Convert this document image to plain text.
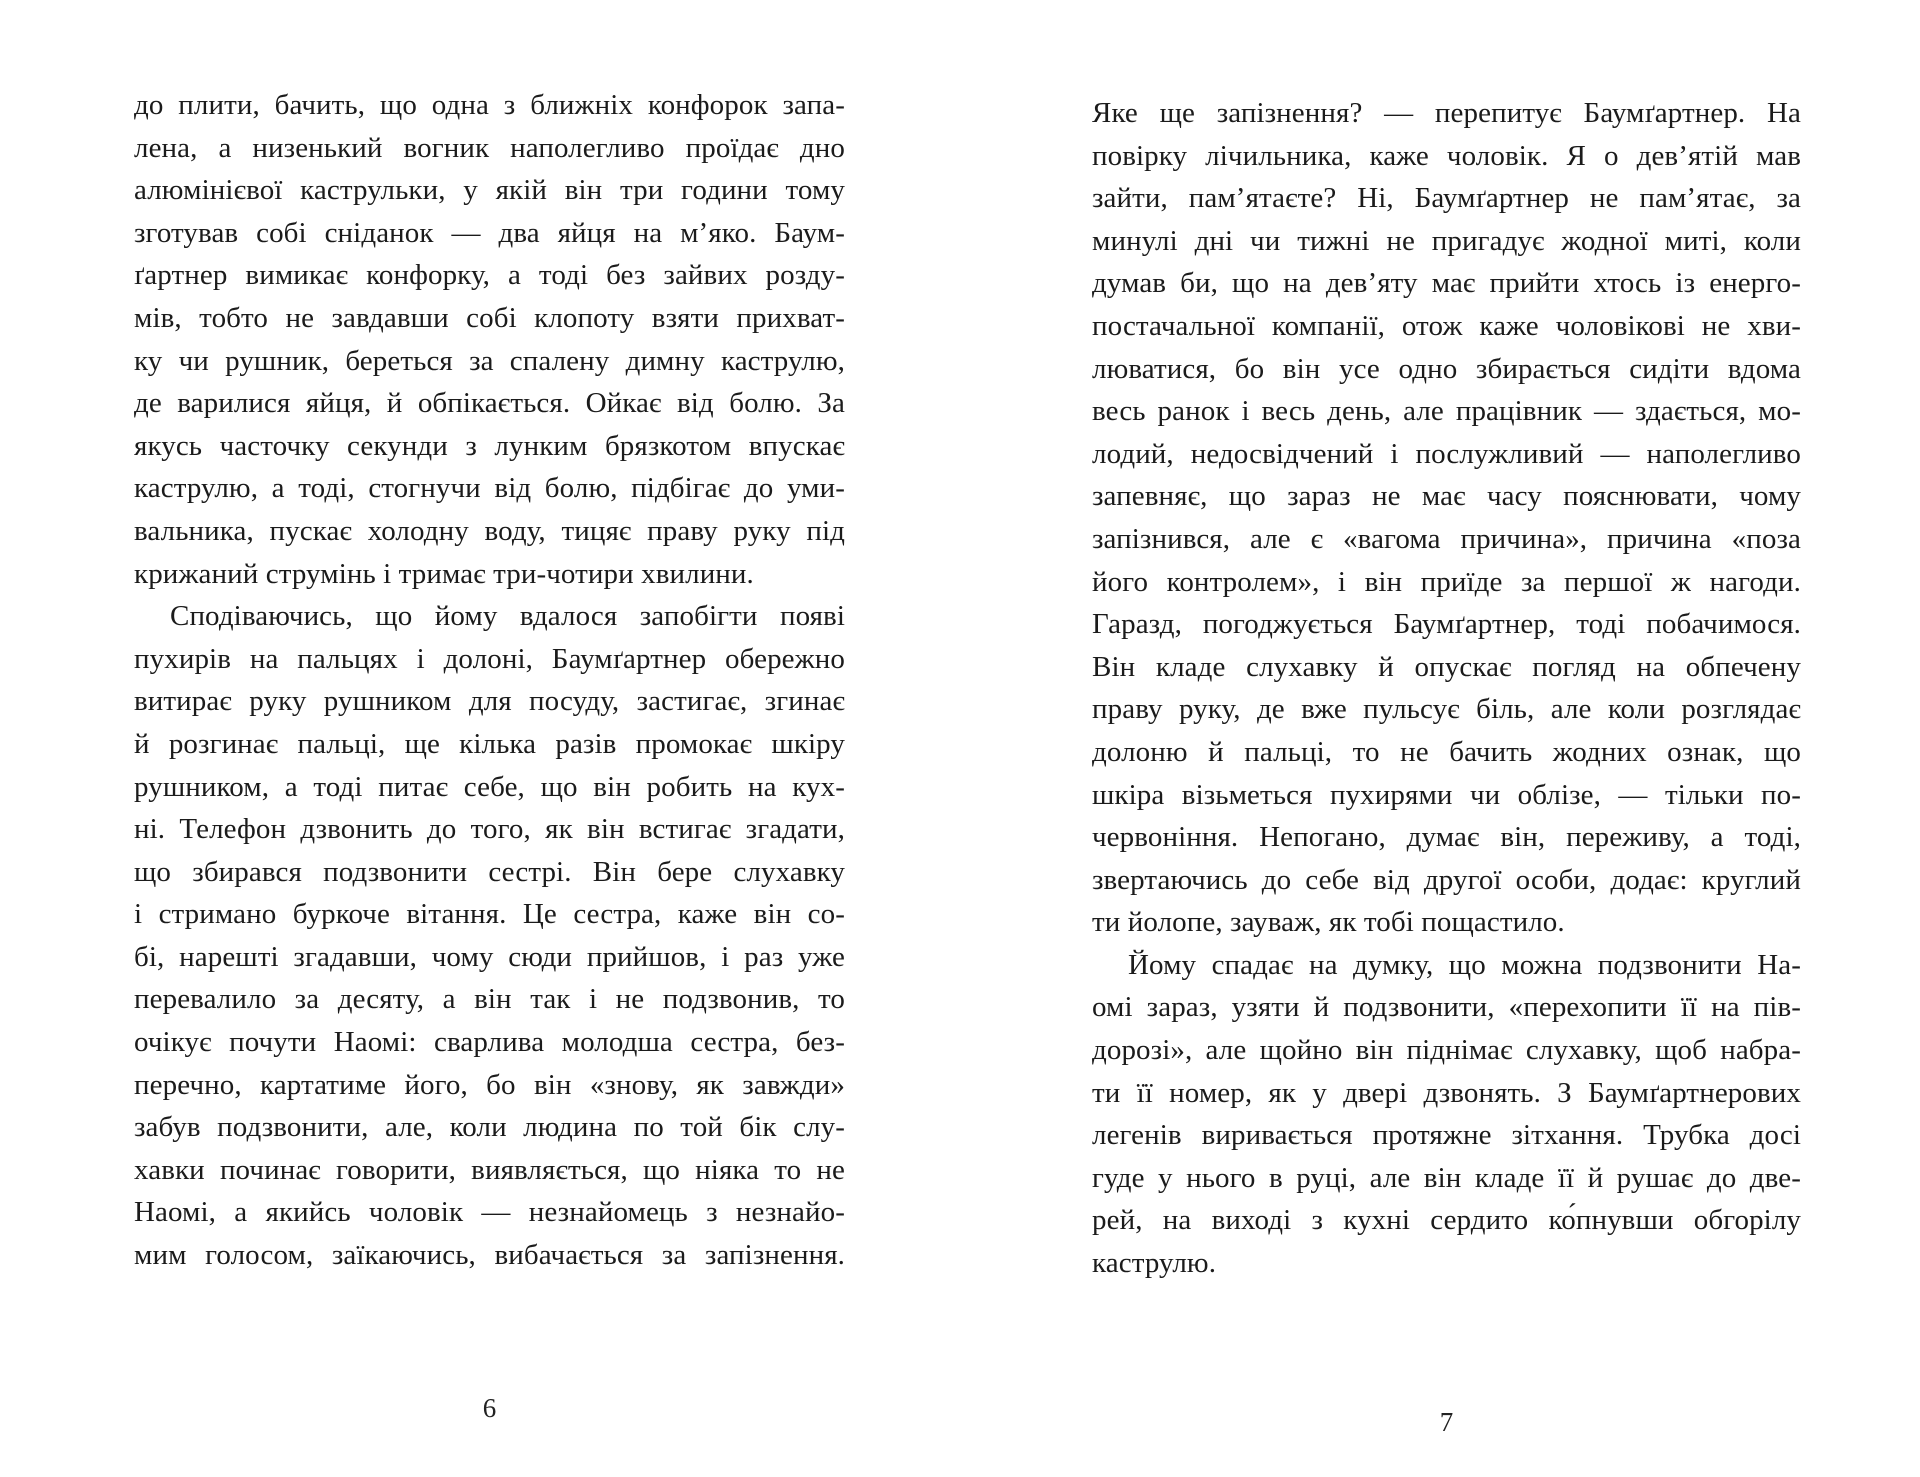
до плити, бачить, що одна з ближніх конфорок запа-
лена, а низенький вогник наполегливо проїдає дно
алюмінієвої каструльки, у якій він три години тому
зготував собі сніданок — два яйця на м’яко. Баум-
ґартнер вимикає конфорку, а тоді без зайвих розду-
мів, тобто не завдавши собі клопоту взяти прихват-
ку чи рушник, береться за спалену димну каструлю,
де варилися яйця, й обпікається. Ойкає від болю. За
якусь часточку секунди з лунким брязкотом впускає
каструлю, а тоді, стогнучи від болю, підбігає до уми-
вальника, пускає холодну воду, тицяє праву руку під
крижаний струмінь і тримає три-чотири хвилини.
Сподіваючись, що йому вдалося запобігти появі
пухирів на пальцях і долоні, Баумґартнер обережно
витирає руку рушником для посуду, застигає, згинає
й розгинає пальці, ще кілька разів промокає шкіру
рушником, а тоді питає себе, що він робить на кух-
ні. Телефон дзвонить до того, як він встигає згадати,
що збирався подзвонити сестрі. Він бере слухавку
і стримано буркоче вітання. Це сестра, каже він со-
бі, нарешті згадавши, чому сюди прийшов, і раз уже
перевалило за десяту, а він так і не подзвонив, то
очікує почути Наомі: сварлива молодша сестра, без-
перечно, картатиме його, бо він «знову, як завжди»
забув подзвонити, але, коли людина по той бік слу-
хавки починає говорити, виявляється, що ніяка то не
Наомі, а якийсь чоловік — незнайомець з незнайо-
мим голосом, заїкаючись, вибачається за запізнення.
Яке ще запізнення? — перепитує Баумґартнер. На
повірку лічильника, каже чоловік. Я о дев’ятій мав
зайти, пам’ятаєте? Ні, Баумґартнер не пам’ятає, за
минулі дні чи тижні не пригадує жодної миті, коли
думав би, що на дев’яту має прийти хтось із енерго-
постачальної компанії, отож каже чоловікові не хви-
люватися, бо він усе одно збирається сидіти вдома
весь ранок і весь день, але працівник — здається, мо-
лодий, недосвідчений і послужливий — наполегливо
запевняє, що зараз не має часу пояснювати, чому
запізнився, але є «вагома причина», причина «поза
його контролем», і він приїде за першої ж нагоди.
Гаразд, погоджується Баумґартнер, тоді побачимося.
Він кладе слухавку й опускає погляд на обпечену
праву руку, де вже пульсує біль, але коли розглядає
долоню й пальці, то не бачить жодних ознак, що
шкіра візьметься пухирями чи облізе, — тільки по-
червоніння. Непогано, думає він, переживу, а тоді,
звертаючись до себе від другої особи, додає: круглий
ти йолопе, зауваж, як тобі пощастило.
Йому спадає на думку, що можна подзвонити На-
омі зараз, узяти й подзвонити, «перехопити її на пів-
дорозі», але щойно він піднімає слухавку, щоб набра-
ти її номер, як у двері дзвонять. З Баумґартнерових
легенів виривається протяжне зітхання. Трубка досі
гуде у нього в руці, але він кладе її й рушає до две-
рей, на виході з кухні сердито ко́пнувши обгорілу
каструлю.
6	7
